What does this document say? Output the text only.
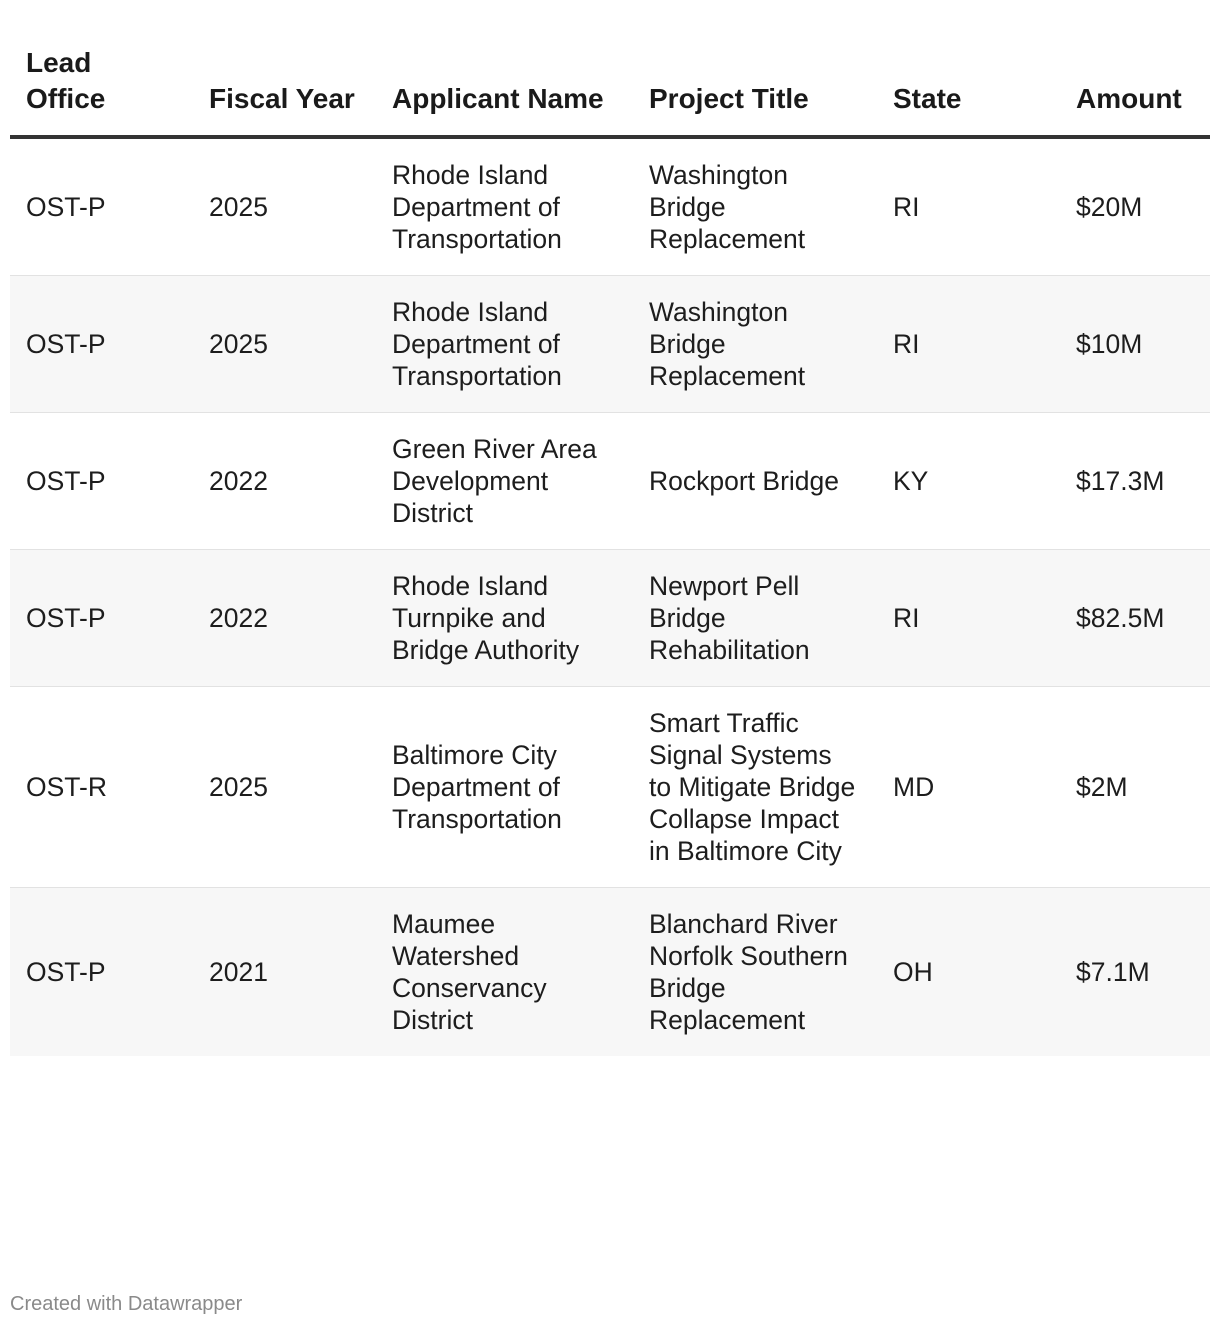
Lead Office	Fiscal Year	Applicant Name	Project Title	State	Amount
OST-P	2025	Rhode Island Department of Transportation	Washington Bridge Replacement	RI	$20M
OST-P	2025	Rhode Island Department of Transportation	Washington Bridge Replacement	RI	$10M
OST-P	2022	Green River Area Development District	Rockport Bridge	KY	$17.3M
OST-P	2022	Rhode Island Turnpike and Bridge Authority	Newport Pell Bridge Rehabilitation	RI	$82.5M
OST-R	2025	Baltimore City Department of Transportation	Smart Traffic Signal Systems to Mitigate Bridge Collapse Impact in Baltimore City	MD	$2M
OST-P	2021	Maumee Watershed Conservancy District	Blanchard River Norfolk Southern Bridge Replacement	OH	$7.1M
Created with Datawrapper
